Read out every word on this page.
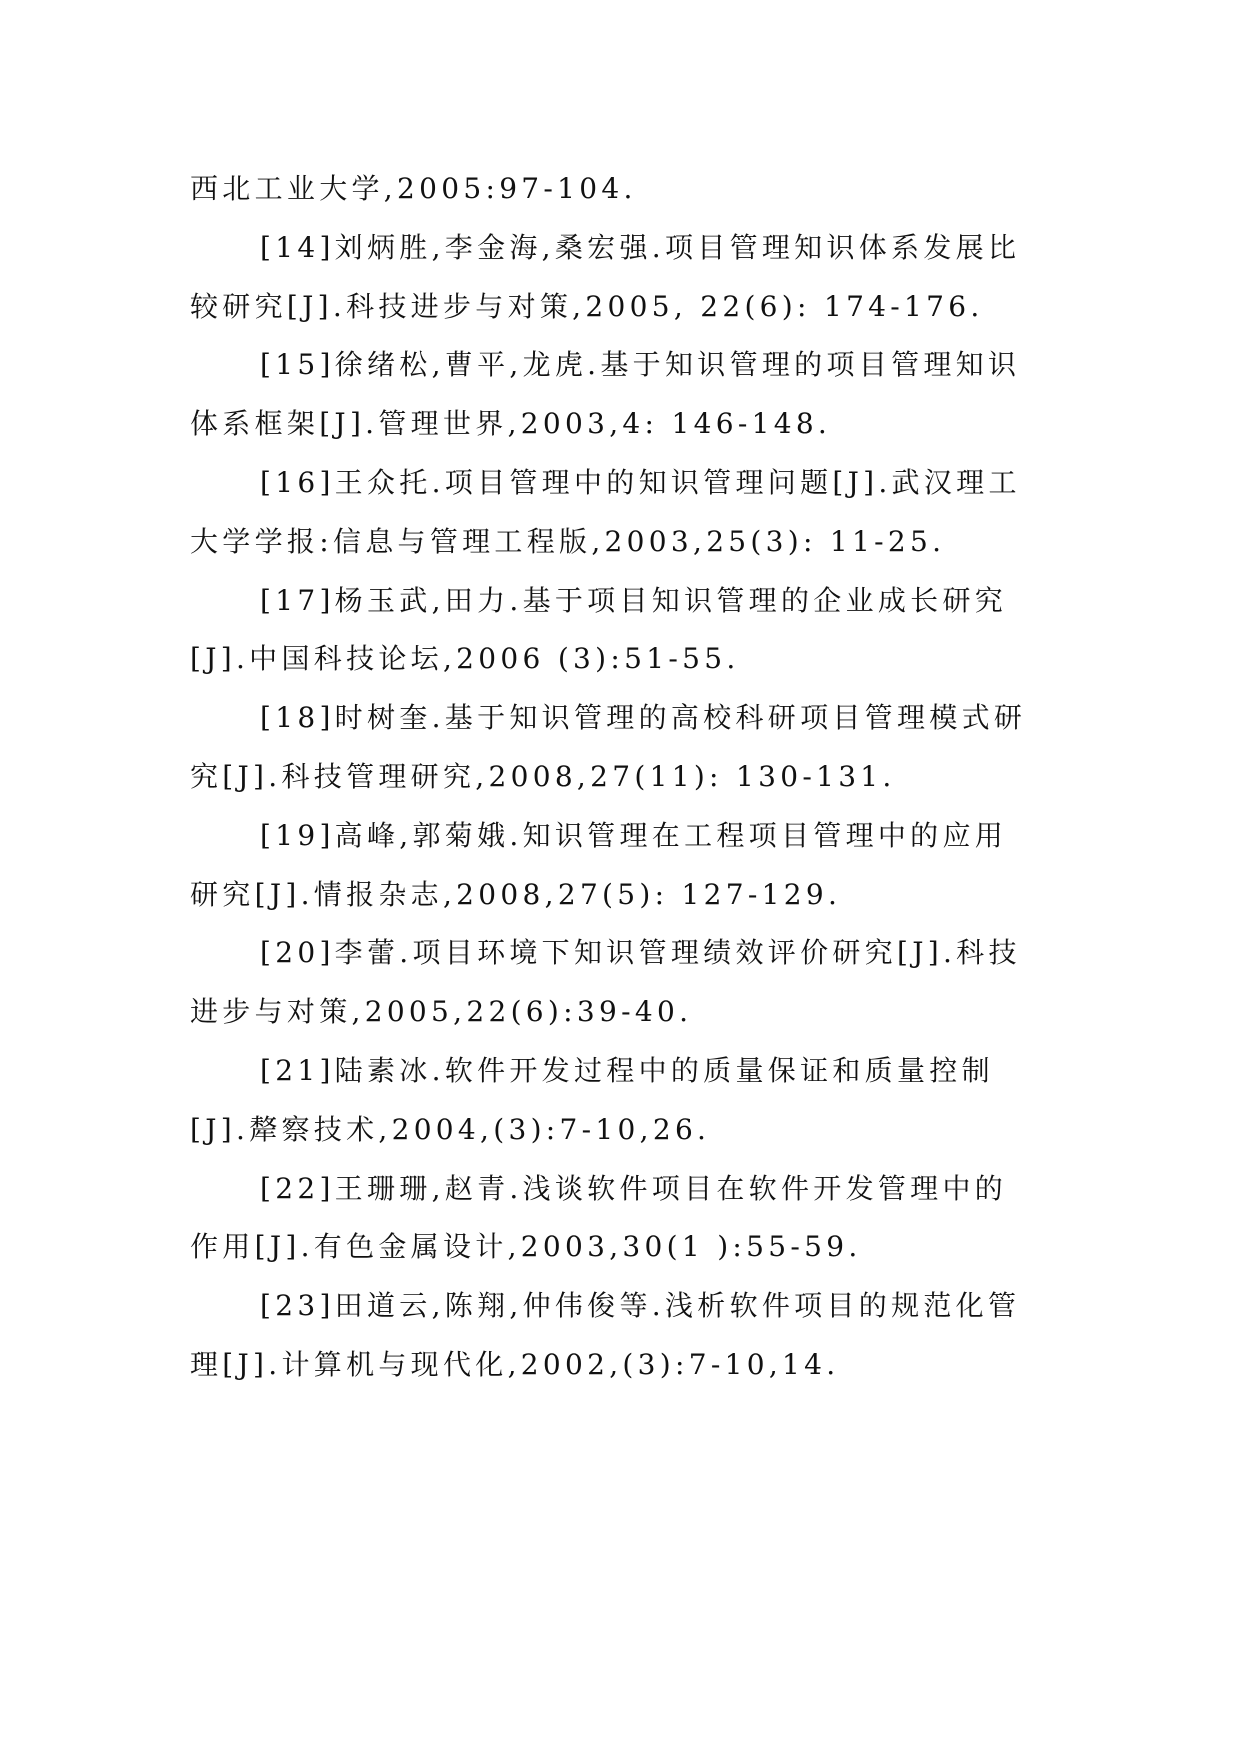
西北工业大学,2005:97-104.
[14]刘炳胜,李金海,桑宏强.项目管理知识体系发展比
较研究[J].科技进步与对策,2005, 22(6): 174-176.
[15]徐绪松,曹平,龙虎.基于知识管理的项目管理知识
体系框架[J].管理世界,2003,4: 146-148.
[16]王众托.项目管理中的知识管理问题[J].武汉理工
大学学报:信息与管理工程版,2003,25(3): 11-25.
[17]杨玉武,田力.基于项目知识管理的企业成长研究
[J].中国科技论坛,2006 (3):51-55.
[18]时树奎.基于知识管理的高校科研项目管理模式研
究[J].科技管理研究,2008,27(11): 130-131.
[19]高峰,郭菊娥.知识管理在工程项目管理中的应用
研究[J].情报杂志,2008,27(5): 127-129.
[20]李蕾.项目环境下知识管理绩效评价研究[J].科技
进步与对策,2005,22(6):39-40.
[21]陆素冰.软件开发过程中的质量保证和质量控制
[J].犛察技术,2004,(3):7-10,26.
[22]王珊珊,赵青.浅谈软件项目在软件开发管理中的
作用[J].有色金属设计,2003,30(1 ):55-59.
[23]田道云,陈翔,仲伟俊等.浅析软件项目的规范化管
理[J].计算机与现代化,2002,(3):7-10,14.
